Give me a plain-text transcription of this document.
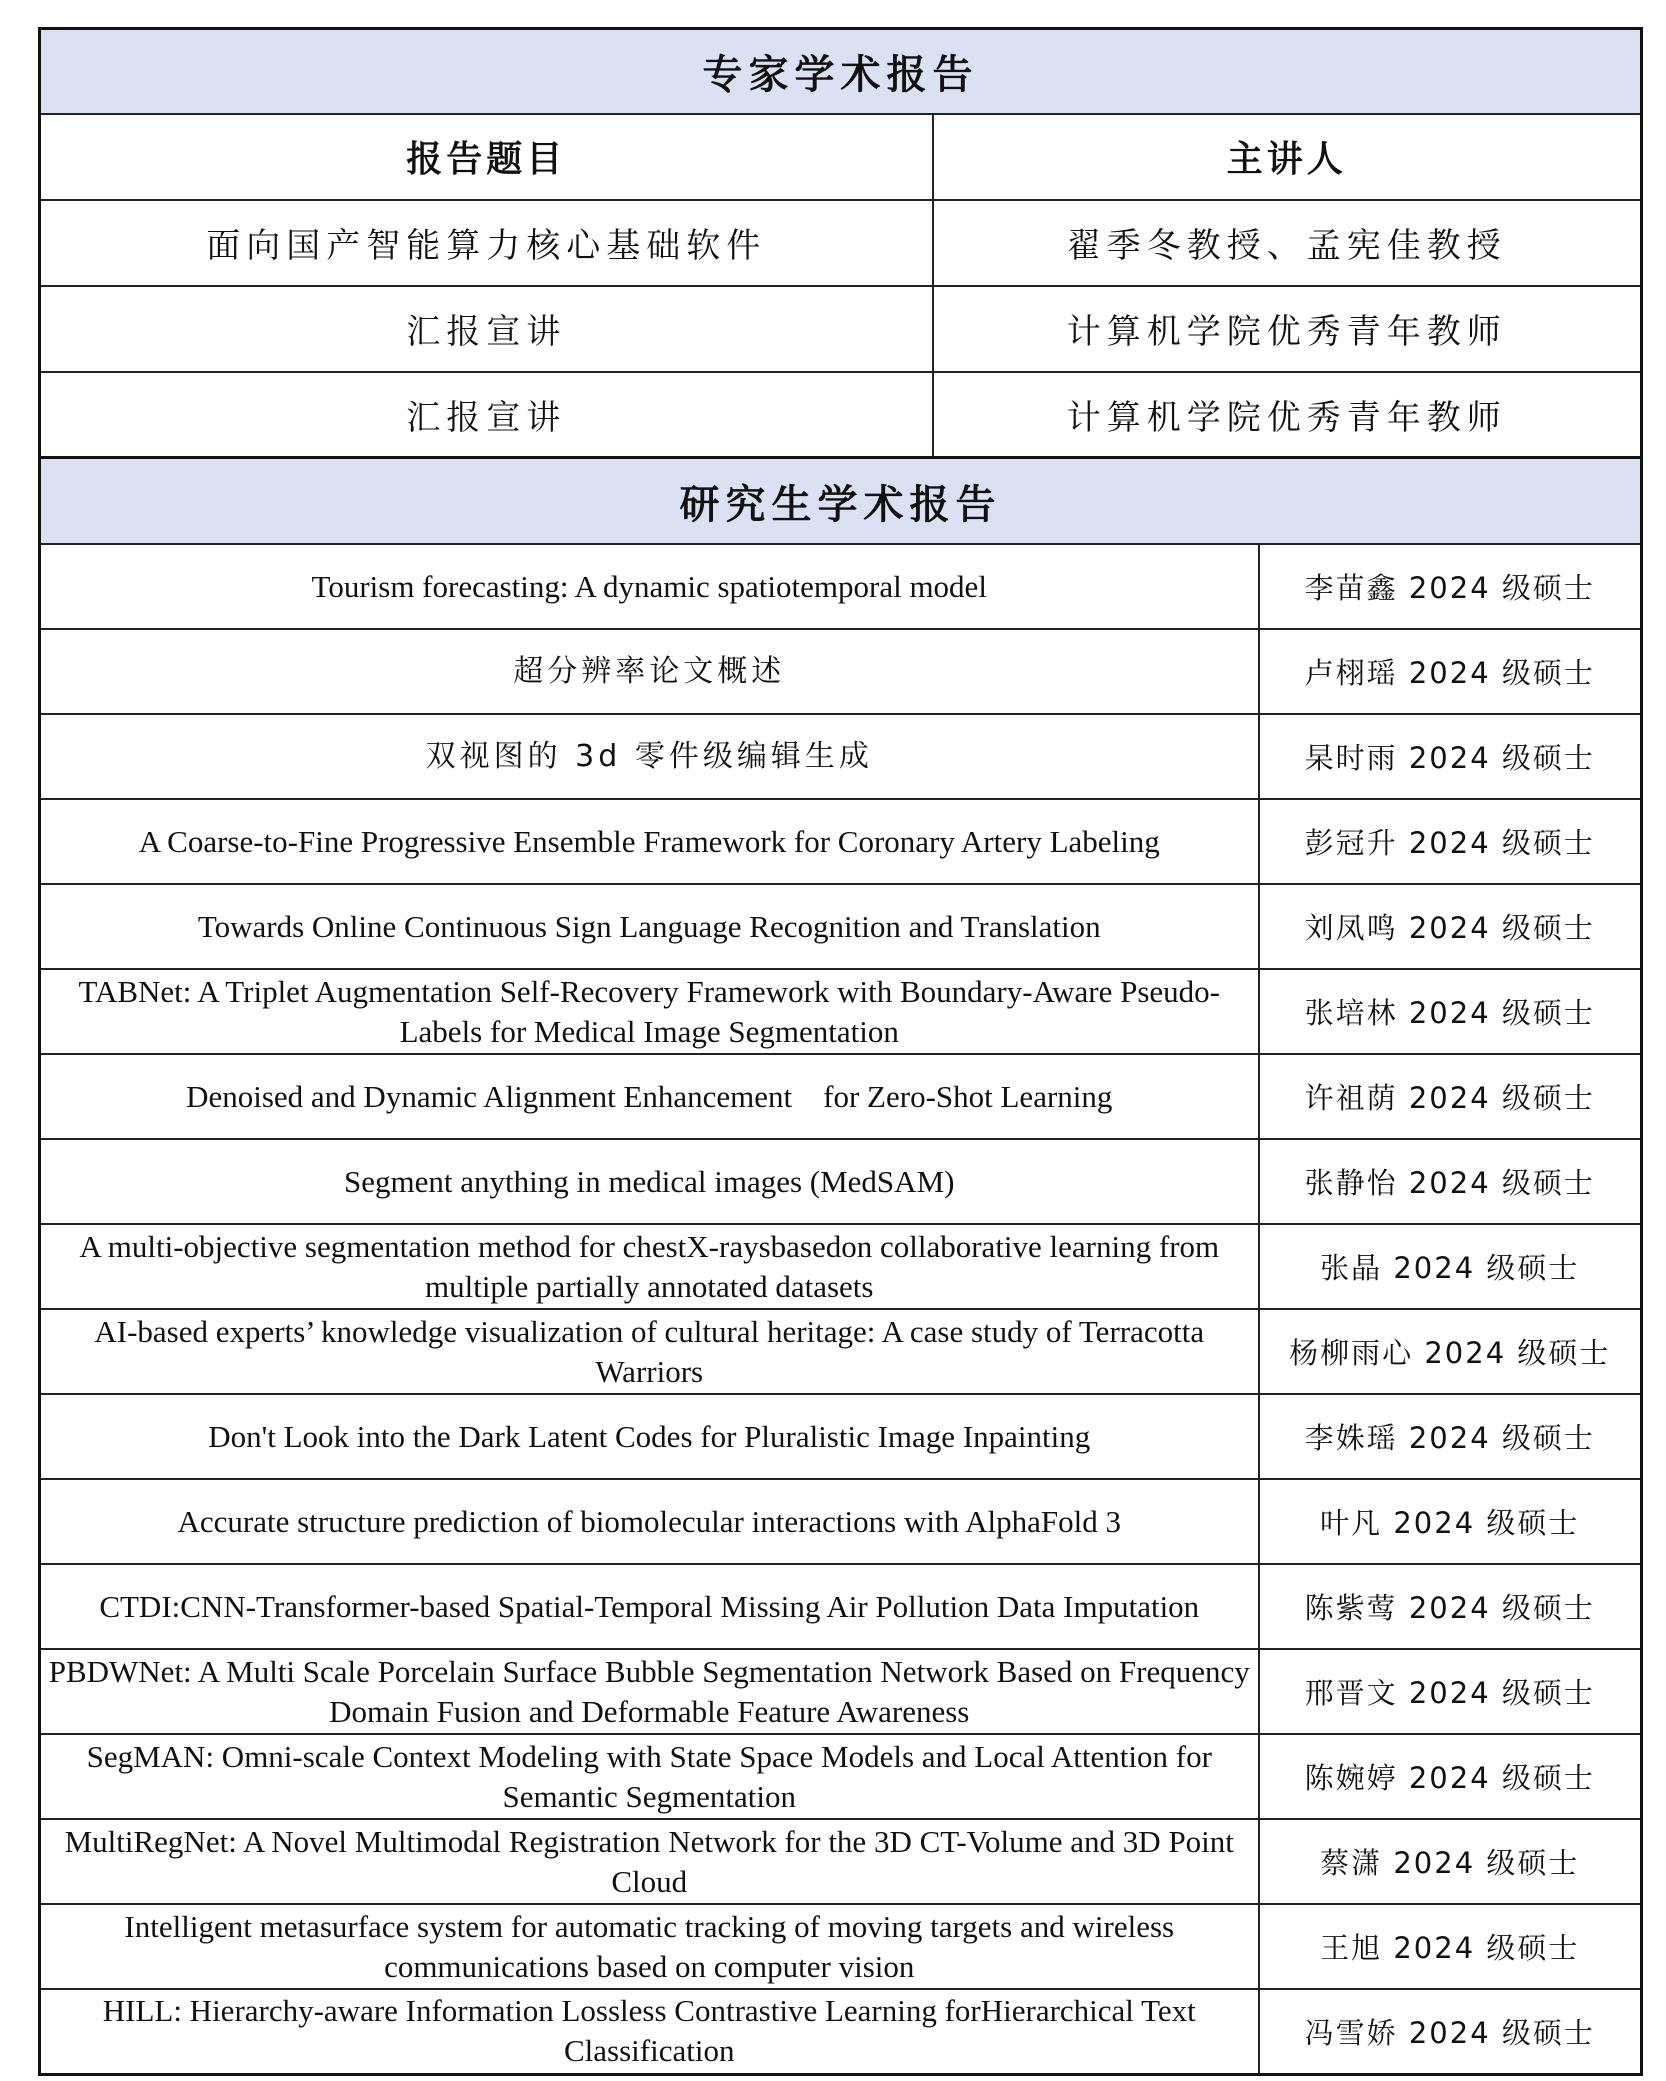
专家学术报告	
报告题目	主讲人
面向国产智能算力核心基础软件	翟季冬教授、孟宪佳教授
汇报宣讲	计算机学院优秀青年教师
汇报宣讲	计算机学院优秀青年教师
研究生学术报告	
Tourism forecasting: A dynamic spatiotemporal model	李苗鑫 2024 级硕士
超分辨率论文概述	卢栩瑶 2024 级硕士
双视图的 3d 零件级编辑生成	杲时雨 2024 级硕士
A Coarse-to-Fine Progressive Ensemble Framework for Coronary Artery Labeling	彭冠升 2024 级硕士
Towards Online Continuous Sign Language Recognition and Translation	刘凤鸣 2024 级硕士
TABNet: A Triplet Augmentation Self-Recovery Framework with Boundary-Aware Pseudo-Labels for Medical Image Segmentation	张培林 2024 级硕士
Denoised and Dynamic Alignment Enhancement    for Zero-Shot Learning	许祖荫 2024 级硕士
Segment anything in medical images (MedSAM)	张静怡 2024 级硕士
A multi-objective segmentation method for chestX-raysbasedon collaborative learning from multiple partially annotated datasets	张晶 2024 级硕士
AI-based experts’ knowledge visualization of cultural heritage: A case study of Terracotta Warriors	杨柳雨心 2024 级硕士
Don't Look into the Dark Latent Codes for Pluralistic Image Inpainting	李姝瑶 2024 级硕士
Accurate structure prediction of biomolecular interactions with AlphaFold 3	叶凡 2024 级硕士
CTDI:CNN-Transformer-based Spatial-Temporal Missing Air Pollution Data Imputation	陈紫莺 2024 级硕士
PBDWNet: A Multi Scale Porcelain Surface Bubble Segmentation Network Based on Frequency Domain Fusion and Deformable Feature Awareness	邢晋文 2024 级硕士
SegMAN: Omni-scale Context Modeling with State Space Models and Local Attention for Semantic Segmentation	陈婉婷 2024 级硕士
MultiRegNet: A Novel Multimodal Registration Network for the 3D CT-Volume and 3D Point Cloud	蔡潇 2024 级硕士
Intelligent metasurface system for automatic tracking of moving targets and wireless communications based on computer vision	王旭 2024 级硕士
HILL: Hierarchy-aware Information Lossless Contrastive Learning forHierarchical Text Classification	冯雪娇 2024 级硕士
